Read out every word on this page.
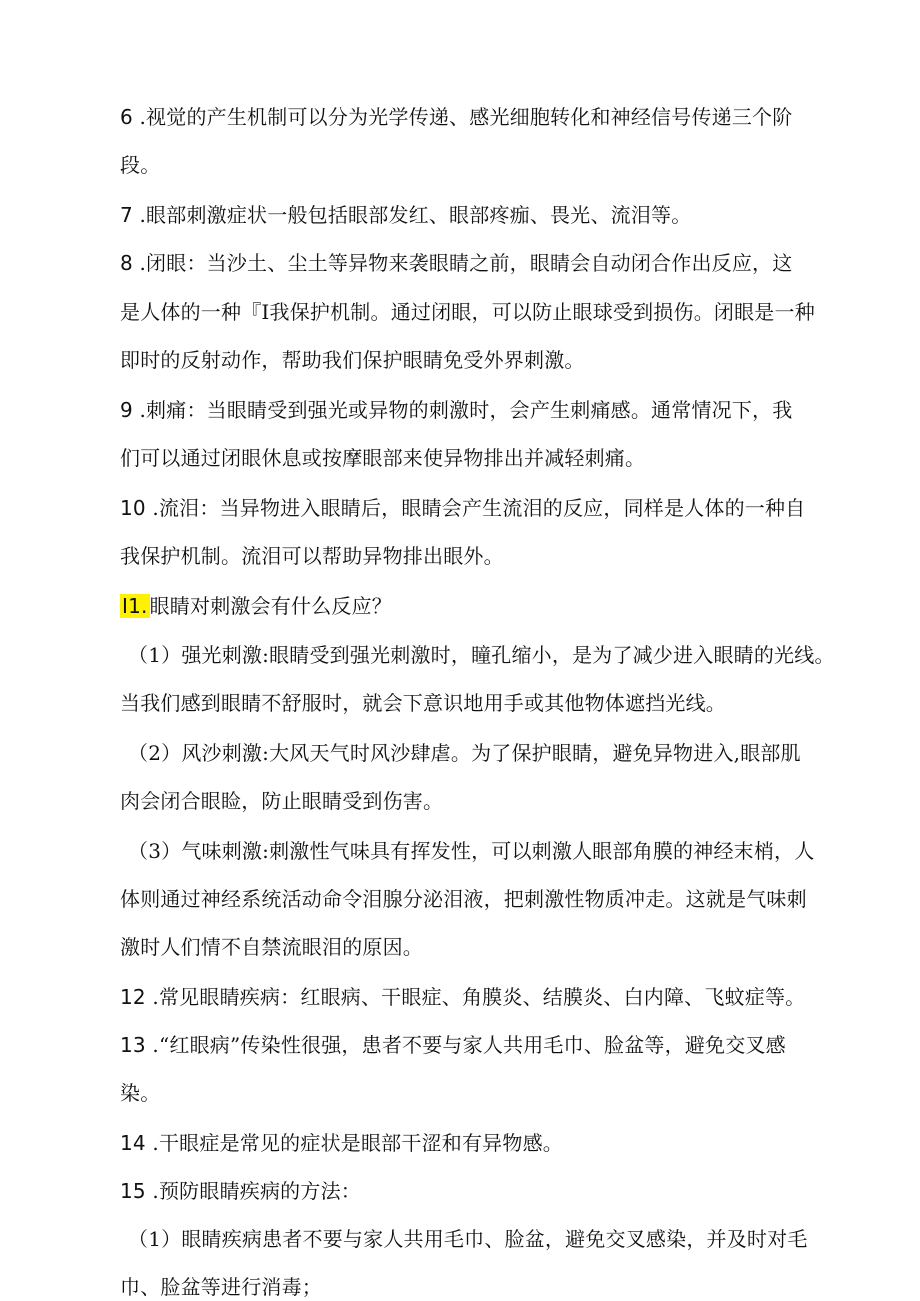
6 .视觉的产生机制可以分为光学传递、感光细胞转化和神经信号传递三个阶
段。
7 .眼部刺激症状一般包括眼部发红、眼部疼痂、畏光、流泪等。
8 .闭眼：当沙土、尘土等异物来袭眼睛之前，眼睛会自动闭合作出反应，这
是人体的一种『I我保护机制。通过闭眼，可以防止眼球受到损伤。闭眼是一种
即时的反射动作，帮助我们保护眼睛免受外界刺激。
9 .刺痛：当眼睛受到强光或异物的刺激时，会产生刺痛感。通常情况下，我
们可以通过闭眼休息或按摩眼部来使异物排出并减轻刺痛。
10 .流泪：当异物进入眼睛后，眼睛会产生流泪的反应，同样是人体的一种自
我保护机制。流泪可以帮助异物排出眼外。
I1. 眼睛对刺激会有什么反应？
（1）强光刺激:眼睛受到强光刺激时，瞳孔缩小，是为了减少进入眼睛的光线。
当我们感到眼睛不舒服时，就会下意识地用手或其他物体遮挡光线。
（2）风沙刺激:大风天气时风沙肆虐。为了保护眼睛，避免异物进入,眼部肌
肉会闭合眼睑，防止眼睛受到伤害。
（3）气味刺激:刺激性气味具有挥发性，可以刺激人眼部角膜的神经末梢，人
体则通过神经系统活动命令泪腺分泌泪液，把刺激性物质冲走。这就是气味刺
激时人们情不自禁流眼泪的原因。
12 .常见眼睛疾病：红眼病、干眼症、角膜炎、结膜炎、白内障、飞蚊症等。
13 .“红眼病”传染性很强，患者不要与家人共用毛巾、脸盆等，避免交叉感
染。
14 .干眼症是常见的症状是眼部干涩和有异物感。
15 .预防眼睛疾病的方法：
（1）眼睛疾病患者不要与家人共用毛巾、脸盆，避免交叉感染，并及时对毛
巾、脸盆等进行消毒；
